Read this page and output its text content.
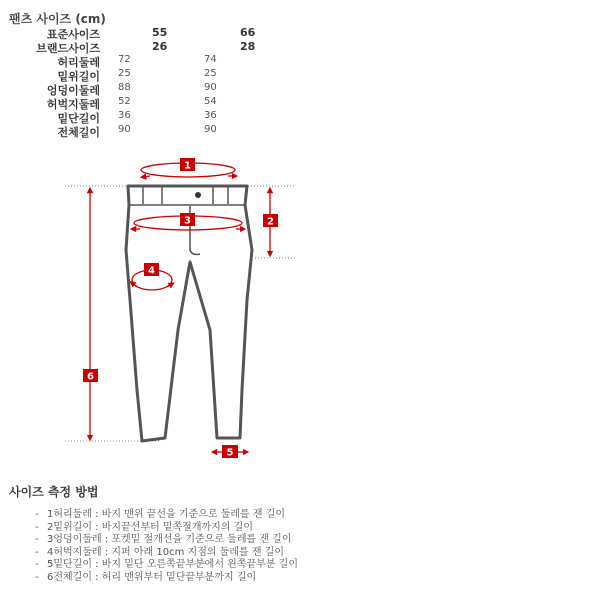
팬츠 사이즈 (cm)
표준사이즈	55	66
브랜드사이즈	26	28
허리둘레 72	74
밑위길이 25	25
엉덩이둘레 88	90
허벅지둘레 52	54
밑단길이 36	36
전체길이 90	90
1
2
3
4
5
6
사이즈 측정 방법
- 1허리둘레 : 바지 맨위 끝선을 기준으로 둘레를 잰 길이
- 2밑위길이 : 바지끝선부터 밑쪽절개까지의 길이
- 3엉덩이둘레 : 포켓밑 절개선을 기준으로 둘레를 잰 길이
- 4허벅지둘레 : 지퍼 아래 10cm 지점의 둘레를 잰 길이
- 5밑단길이 : 바지 밑단 오른쪽끝부분에서 왼쪽끝부분 길이
- 6전체길이 : 허리 맨위부터 밑단끝부분까지 길이
